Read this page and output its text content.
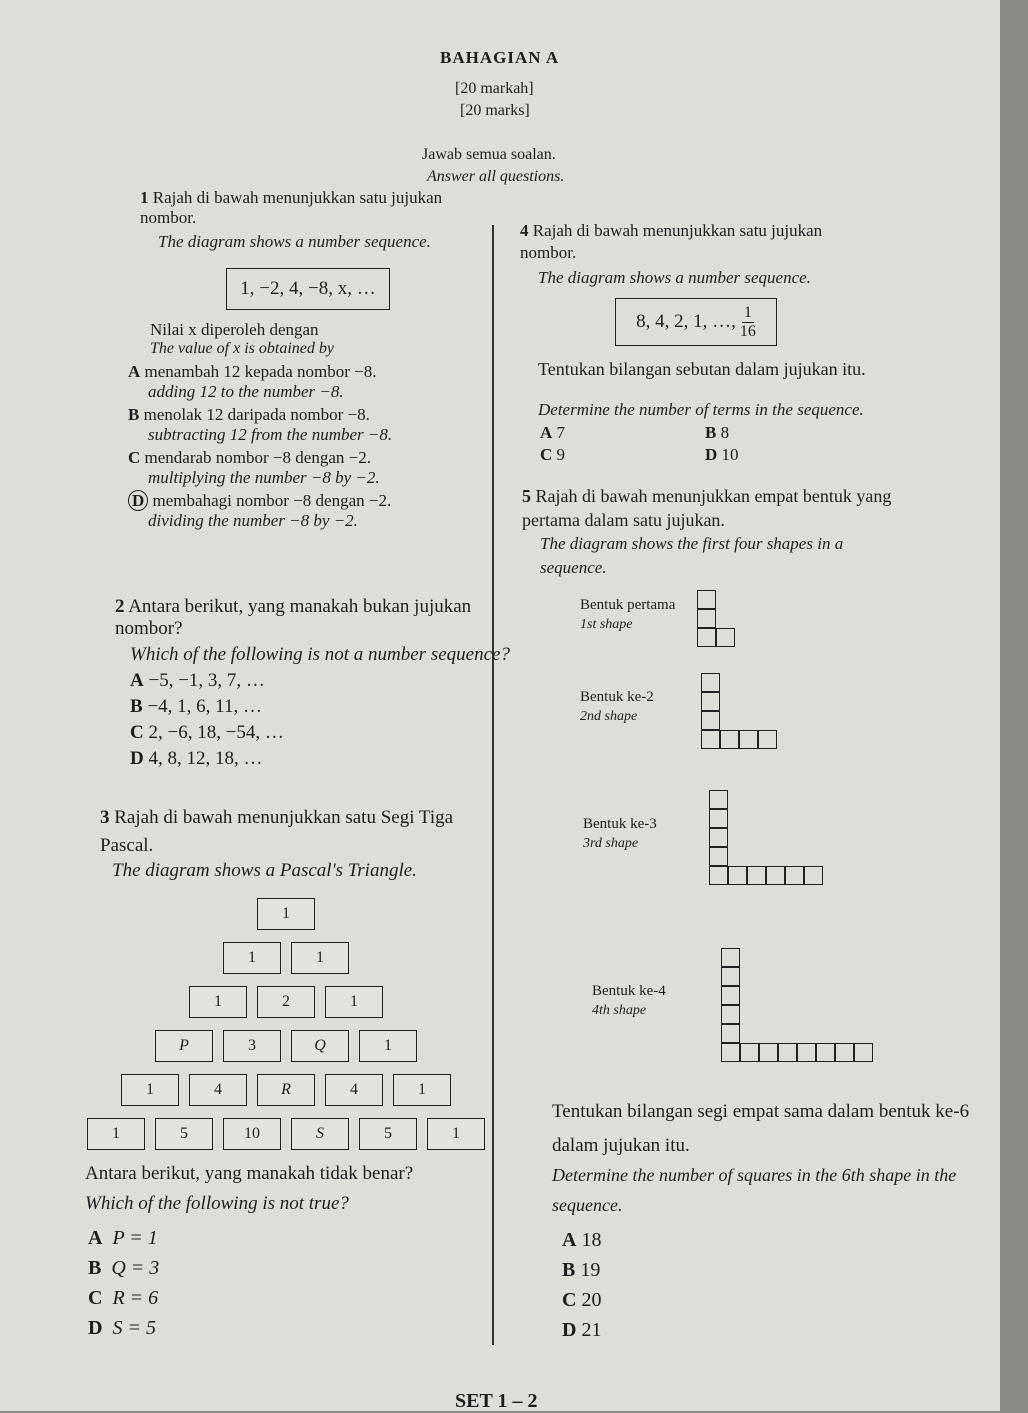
BAHAGIAN A
[20 markah]
[20 marks]
Jawab semua soalan.
Answer all questions.
1 Rajah di bawah menunjukkan satu jujukan nombor.
The diagram shows a number sequence.
1, −2, 4, −8, x, …
Nilai x diperoleh dengan
The value of x is obtained by
A menambah 12 kepada nombor −8.
adding 12 to the number −8.
B menolak 12 daripada nombor −8.
subtracting 12 from the number −8.
C mendarab nombor −8 dengan −2.
multiplying the number −8 by −2.
D membahagi nombor −8 dengan −2.
dividing the number −8 by −2.
2 Antara berikut, yang manakah bukan jujukan nombor?
Which of the following is not a number sequence?
A −5, −1, 3, 7, …
B −4, 1, 6, 11, …
C 2, −6, 18, −54, …
D 4, 8, 12, 18, …
3 Rajah di bawah menunjukkan satu Segi Tiga Pascal.
The diagram shows a Pascal's Triangle.
1
1	1
1	2	1
P	3	Q	1
1	4	R	4	1
1	5	10	S	5	1
Antara berikut, yang manakah tidak benar?
Which of the following is not true?
A P = 1
B Q = 3
C R = 6
D S = 5
4 Rajah di bawah menunjukkan satu jujukan nombor.
The diagram shows a number sequence.
8, 4, 2, 1, …, $\frac{1}{16}$
Tentukan bilangan sebutan dalam jujukan itu.
Determine the number of terms in the sequence.
A 7	B 8
C 9	D 10
5 Rajah di bawah menunjukkan empat bentuk yang pertama dalam satu jujukan.
The diagram shows the first four shapes in a sequence.
Bentuk pertama
1st shape
Bentuk ke-2
2nd shape
Bentuk ke-3
3rd shape
Bentuk ke-4
4th shape
Tentukan bilangan segi empat sama dalam bentuk ke-6 dalam jujukan itu.
Determine the number of squares in the 6th shape in the sequence.
A 18
B 19
C 20
D 21
SET 1 – 2
